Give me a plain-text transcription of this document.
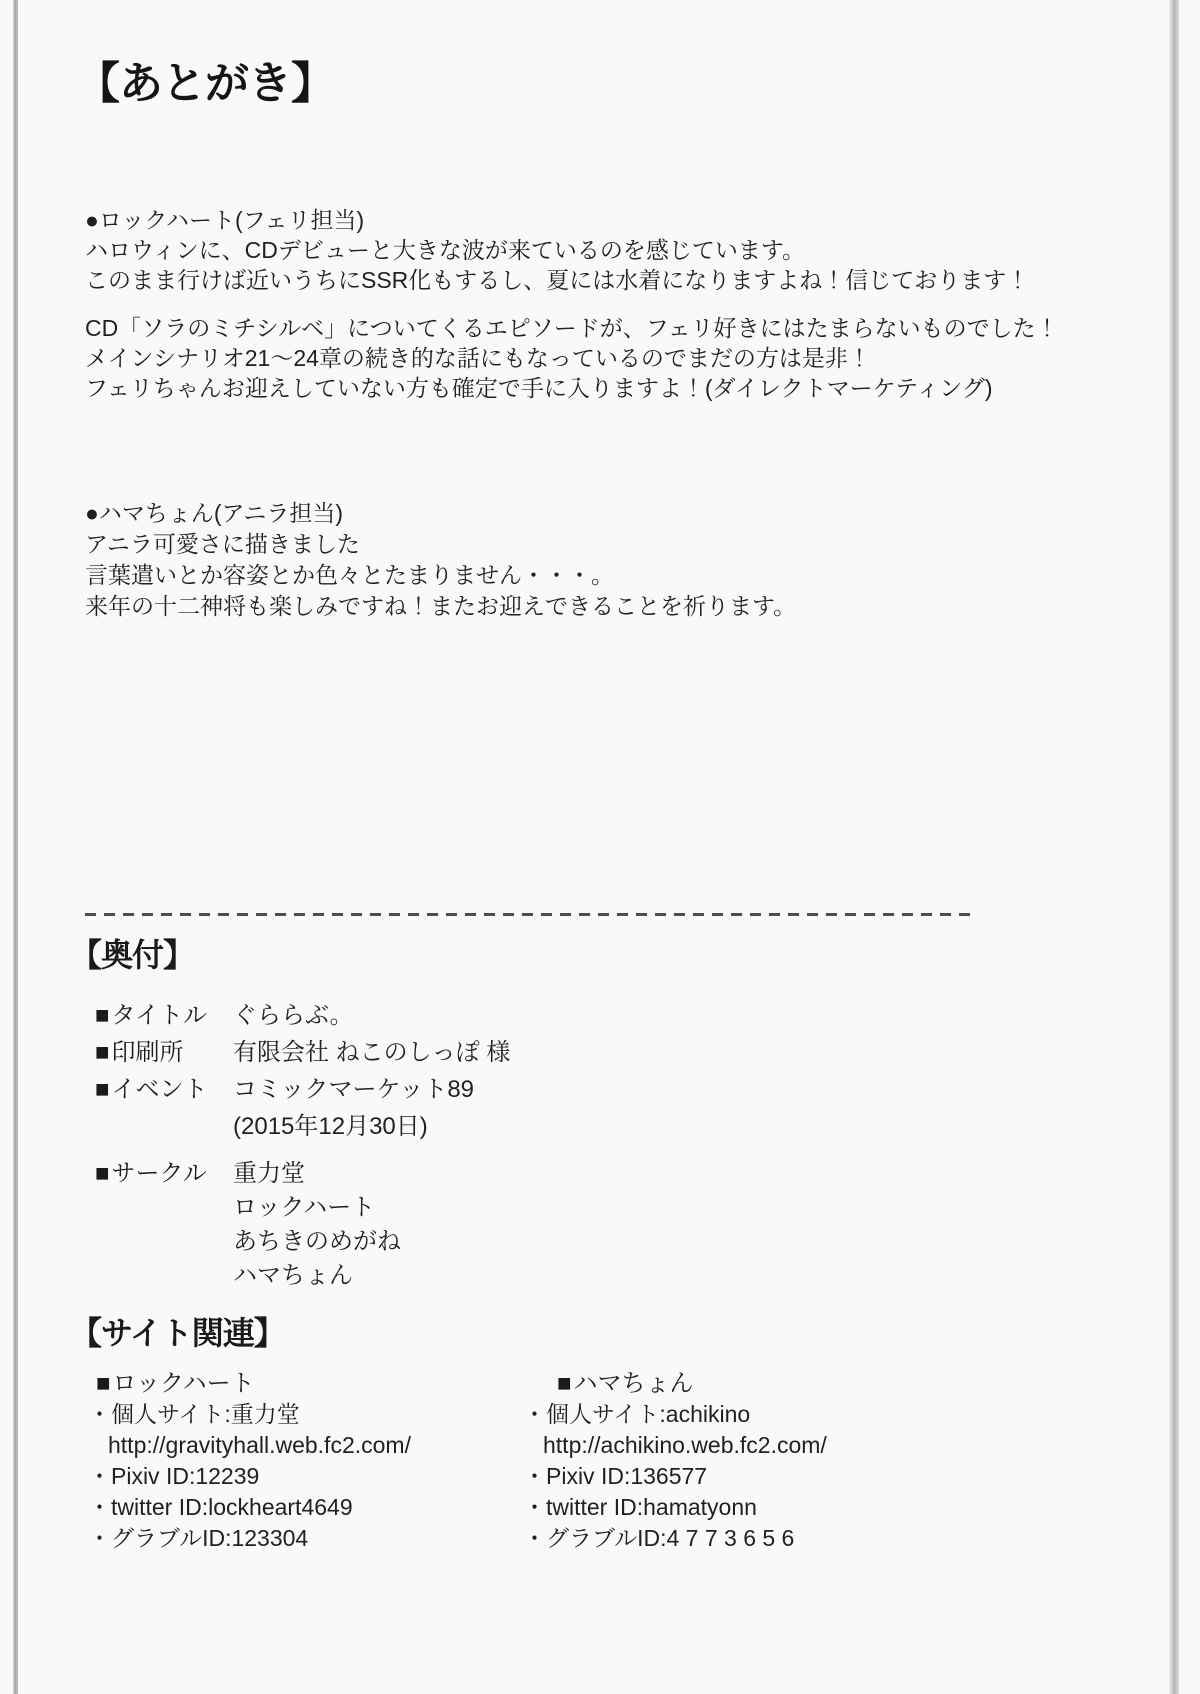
【あとがき】
●ロックハート(フェリ担当)
ハロウィンに、CDデビューと大きな波が来ているのを感じています。
このまま行けば近いうちにSSR化もするし、夏には水着になりますよね！信じております！
CD「ソラのミチシルベ」についてくるエピソードが、フェリ好きにはたまらないものでした！
メインシナリオ21～24章の続き的な話にもなっているのでまだの方は是非！
フェリちゃんお迎えしていない方も確定で手に入りますよ！(ダイレクトマーケティング)
●ハマちょん(アニラ担当)
アニラ可愛さに描きました
言葉遣いとか容姿とか色々とたまりません・・・。
来年の十二神将も楽しみですね！またお迎えできることを祈ります。
【奥付】
■ タイトル ぐららぶ。
■ 印刷所 有限会社 ねこのしっぽ 様
■ イベント コミックマーケット89
(2015年12月30日)
■ サークル 重力堂
ロックハート
あちきのめがね
ハマちょん
【サイト関連】
■ ロックハート
・個人サイト:重力堂
http://gravityhall.web.fc2.com/
・Pixiv ID:12239
・twitter ID:lockheart4649
・グラブルID:123304
■ ハマちょん
・個人サイト:achikino
http://achikino.web.fc2.com/
・Pixiv ID:136577
・twitter ID:hamatyonn
・グラブルID:4 7 7 3 6 5 6
